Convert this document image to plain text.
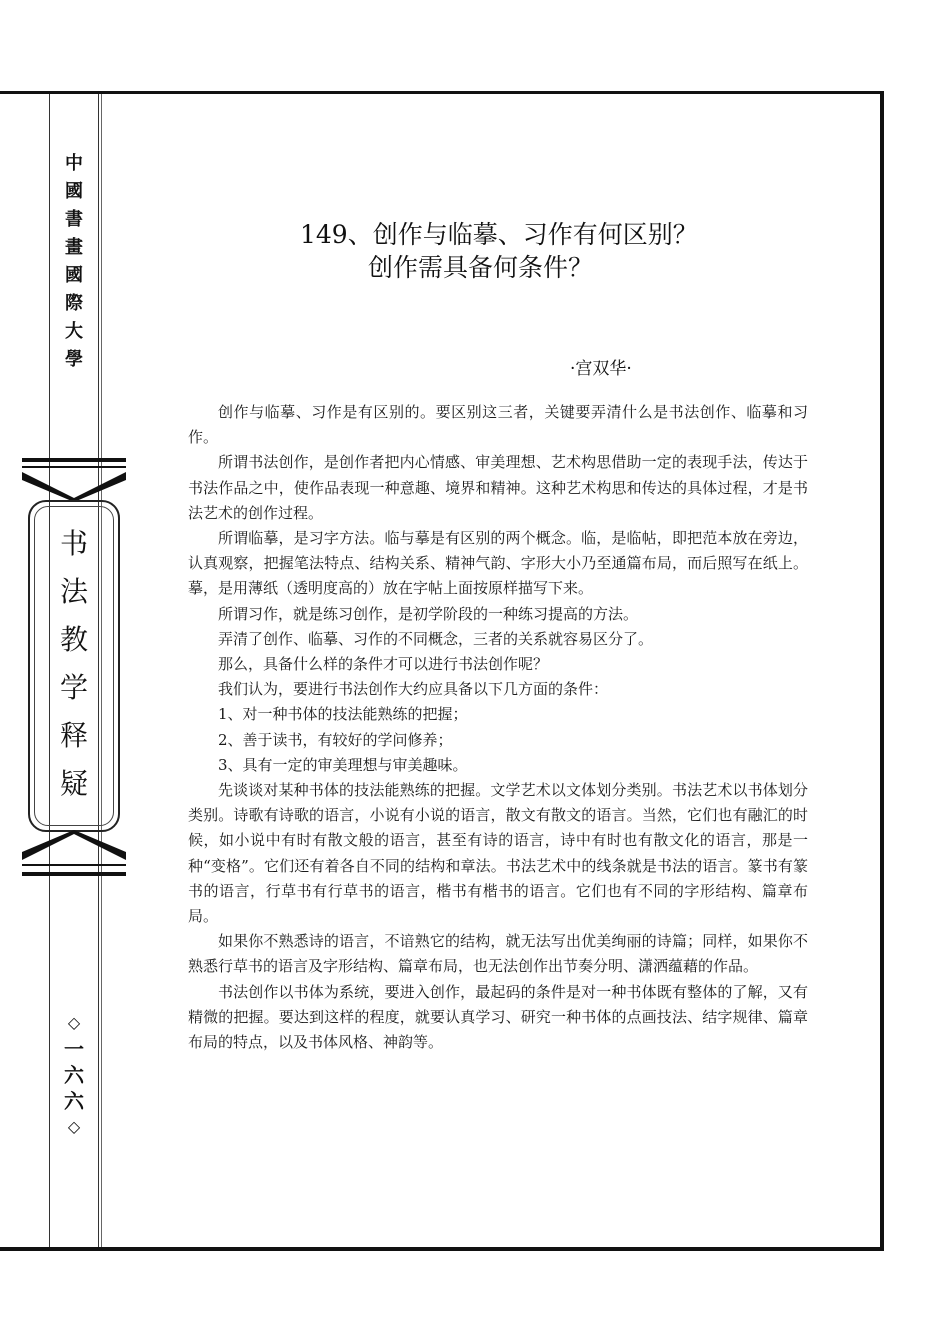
中
國
書
畫
國
際
大
學
书
法
教
学
释
疑
◇
一
六
六
◇
149、创作与临摹、习作有何区别？
创作需具备何条件？
·宫双华·

创作与临摹、习作是有区别的。要区别这三者，关键要弄清什么是书法创作、临摹和习作。

所谓书法创作，是创作者把内心情感、审美理想、艺术构思借助一定的表现手法，传达于书法作品之中，使作品表现一种意趣、境界和精神。这种艺术构思和传达的具体过程，才是书法艺术的创作过程。

所谓临摹，是习字方法。临与摹是有区别的两个概念。临，是临帖，即把范本放在旁边，认真观察，把握笔法特点、结构关系、精神气韵、字形大小乃至通篇布局，而后照写在纸上。摹，是用薄纸（透明度高的）放在字帖上面按原样描写下来。

所谓习作，就是练习创作，是初学阶段的一种练习提高的方法。

弄清了创作、临摹、习作的不同概念，三者的关系就容易区分了。

那么，具备什么样的条件才可以进行书法创作呢？

我们认为，要进行书法创作大约应具备以下几方面的条件：

1、对一种书体的技法能熟练的把握；

2、善于读书，有较好的学问修养；

3、具有一定的审美理想与审美趣味。

先谈谈对某种书体的技法能熟练的把握。文学艺术以文体划分类别。书法艺术以书体划分类别。诗歌有诗歌的语言，小说有小说的语言，散文有散文的语言。当然，它们也有融汇的时候，如小说中有时有散文般的语言，甚至有诗的语言，诗中有时也有散文化的语言，那是一种“变格”。它们还有着各自不同的结构和章法。书法艺术中的线条就是书法的语言。篆书有篆书的语言，行草书有行草书的语言，楷书有楷书的语言。它们也有不同的字形结构、篇章布局。

如果你不熟悉诗的语言，不谙熟它的结构，就无法写出优美绚丽的诗篇；同样，如果你不熟悉行草书的语言及字形结构、篇章布局，也无法创作出节奏分明、潇洒蕴藉的作品。

书法创作以书体为系统，要进入创作，最起码的条件是对一种书体既有整体的了解，又有精微的把握。要达到这样的程度，就要认真学习、研究一种书体的点画技法、结字规律、篇章布局的特点，以及书体风格、神韵等。
